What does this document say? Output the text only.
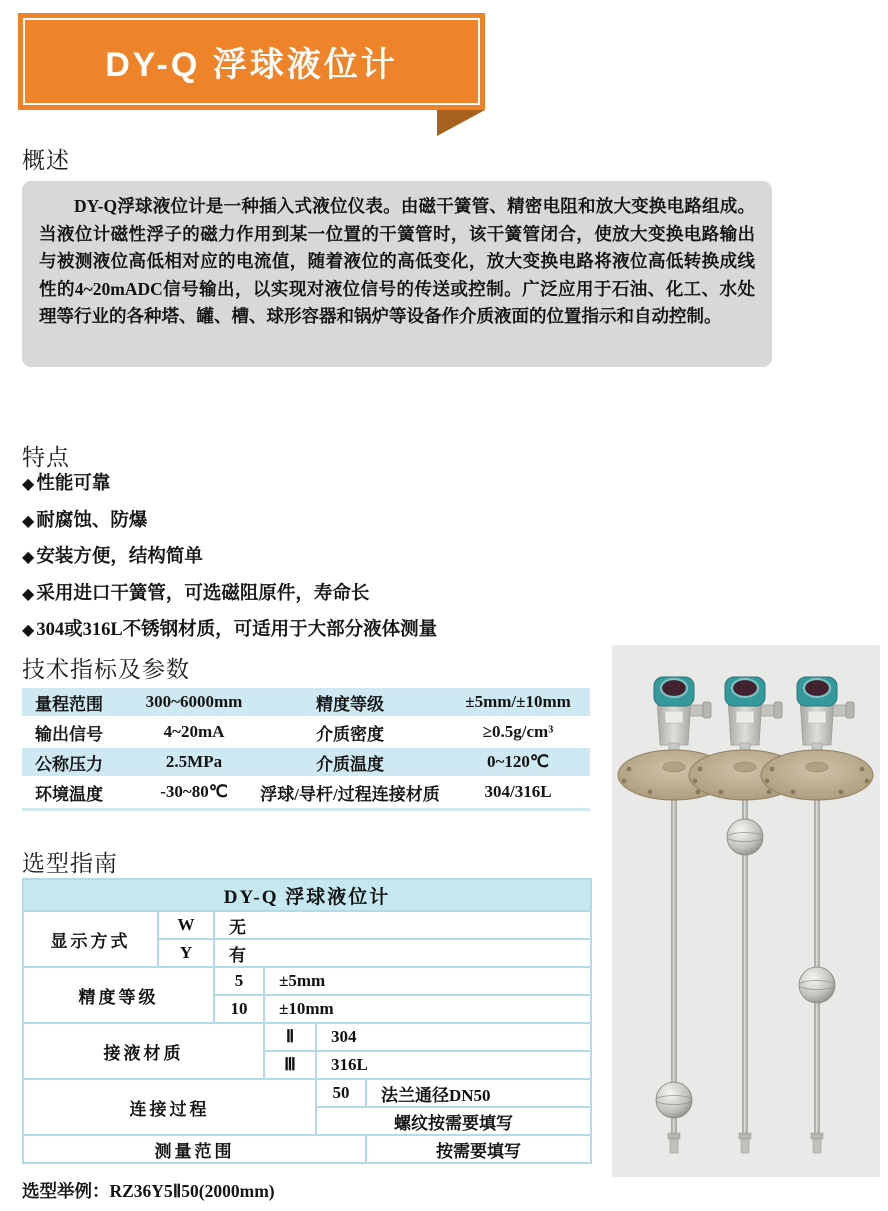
DY-Q 浮球液位计
概述

DY-Q浮球液位计是一种插入式液位仪表。由磁干簧管、精密电阻和放大变换电路组成。当液位计磁性浮子的磁力作用到某一位置的干簧管时，该干簧管闭合，使放大变换电路输出与被测液位高低相对应的电流值，随着液位的高低变化，放大变换电路将液位高低转换成线性的4~20mADC信号输出，以实现对液位信号的传送或控制。广泛应用于石油、化工、水处理等行业的各种塔、罐、槽、球形容器和锅炉等设备作介质液面的位置指示和自动控制。

特点
◆ 性能可靠
◆ 耐腐蚀、防爆
◆ 安装方便，结构简单
◆ 采用进口干簧管，可选磁阻原件，寿命长
◆ 304或316L不锈钢材质，可适用于大部分液体测量
技术指标及参数
量程范围	300~6000mm	精度等级	±5mm/±10mm
输出信号	4~20mA	介质密度	≥0.5g/cm³
公称压力	2.5MPa	介质温度	0~120℃
环境温度	-30~80℃	浮球/导杆/过程连接材质	304/316L
选型指南
DY-Q 浮球液位计					
显示方式	W	无			
	Y	有			
精度等级		5	±5mm		
		10	±10mm		
接液材质			Ⅱ	304	
			Ⅲ	316L	
连接过程				50	法兰通径DN50
				螺纹按需要填写	
测量范围					按需要填写
选型举例：RZ36Y5Ⅱ50(2000mm)
